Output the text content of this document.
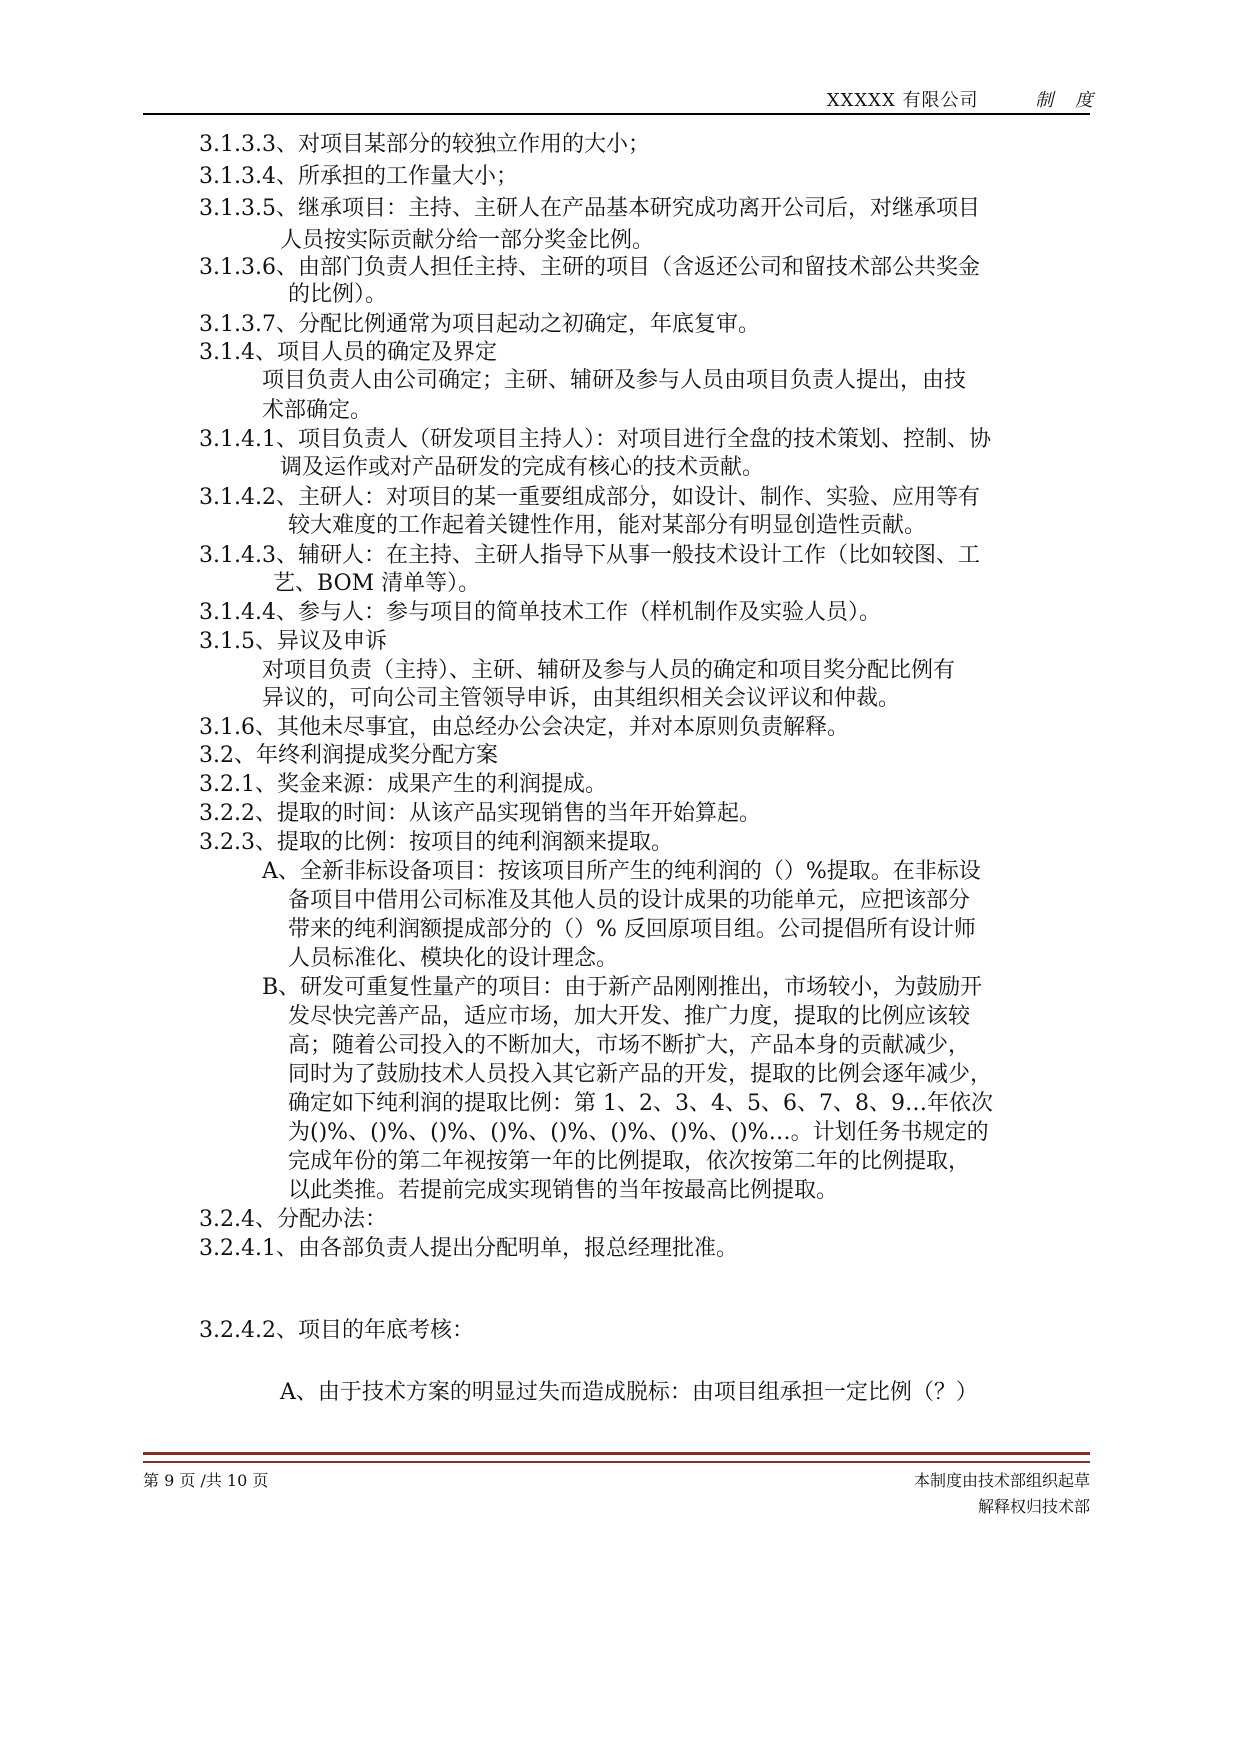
XXXXX 有限公司	制 度
3.1.3.3、对项目某部分的较独立作用的大小；
3.1.3.4、所承担的工作量大小；
3.1.3.5、继承项目：主持、主研人在产品基本研究成功离开公司后，对继承项目
人员按实际贡献分给一部分奖金比例。
3.1.3.6、由部门负责人担任主持、主研的项目（含返还公司和留技术部公共奖金
的比例）。
3.1.3.7、分配比例通常为项目起动之初确定，年底复审。
3.1.4、项目人员的确定及界定
项目负责人由公司确定；主研、辅研及参与人员由项目负责人提出，由技
术部确定。
3.1.4.1、项目负责人（研发项目主持人）：对项目进行全盘的技术策划、控制、协
调及运作或对产品研发的完成有核心的技术贡献。
3.1.4.2、主研人：对项目的某一重要组成部分，如设计、制作、实验、应用等有
较大难度的工作起着关键性作用，能对某部分有明显创造性贡献。
3.1.4.3、辅研人：在主持、主研人指导下从事一般技术设计工作（比如较图、工
艺、BOM 清单等）。
3.1.4.4、参与人：参与项目的简单技术工作（样机制作及实验人员）。
3.1.5、异议及申诉
对项目负责（主持）、主研、辅研及参与人员的确定和项目奖分配比例有
异议的，可向公司主管领导申诉，由其组织相关会议评议和仲裁。
3.1.6、其他未尽事宜，由总经办公会决定，并对本原则负责解释。
3.2、年终利润提成奖分配方案
3.2.1、奖金来源：成果产生的利润提成。
3.2.2、提取的时间：从该产品实现销售的当年开始算起。
3.2.3、提取的比例：按项目的纯利润额来提取。
A、全新非标设备项目：按该项目所产生的纯利润的（）%提取。在非标设
备项目中借用公司标准及其他人员的设计成果的功能单元，应把该部分
带来的纯利润额提成部分的（）% 反回原项目组。公司提倡所有设计师
人员标准化、模块化的设计理念。
B、研发可重复性量产的项目：由于新产品刚刚推出，市场较小，为鼓励开
发尽快完善产品，适应市场，加大开发、推广力度，提取的比例应该较
高；随着公司投入的不断加大，市场不断扩大，产品本身的贡献减少，
同时为了鼓励技术人员投入其它新产品的开发，提取的比例会逐年减少，
确定如下纯利润的提取比例：第 1、2、3、4、5、6、7、8、9…年依次
为()%、()%、()%、()%、()%、()%、()%、()%…。计划任务书规定的
完成年份的第二年视按第一年的比例提取，依次按第二年的比例提取，
以此类推。若提前完成实现销售的当年按最高比例提取。
3.2.4、分配办法：
3.2.4.1、由各部负责人提出分配明单，报总经理批准。
3.2.4.2、项目的年底考核：
A、由于技术方案的明显过失而造成脱标：由项目组承担一定比例（？）
第 9 页 /共 10 页	本制度由技术部组织起草
解释权归技术部
